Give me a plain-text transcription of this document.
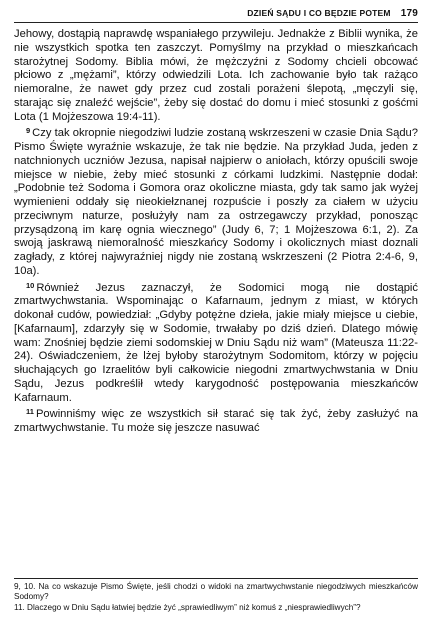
DZIEŃ SĄDU I CO BĘDZIE POTEM 179

Jehowy, dostąpią naprawdę wspaniałego przywileju. Jednakże z Biblii wynika, że nie wszystkich spotka ten zaszczyt. Pomyślmy na przykład o mieszkańcach starożytnej Sodomy. Biblia mówi, że mężczyźni z Sodomy chcieli obcować płciowo z „mężami”, którzy odwiedzili Lota. Ich zachowanie było tak rażąco niemoralne, że nawet gdy przez cud zostali porażeni ślepotą, „męczyli się, starając się znaleźć wejście”, żeby się dostać do domu i mieć stosunki z gośćmi Lota (1 Mojżeszowa 19:4-11).

$^9$ Czy tak okropnie niegodziwi ludzie zostaną wskrzeszeni w czasie Dnia Sądu? Pismo Święte wyraźnie wskazuje, że tak nie będzie. Na przykład Juda, jeden z natchnionych uczniów Jezusa, napisał najpierw o aniołach, którzy opuścili swoje miejsce w niebie, żeby mieć stosunki z córkami ludzkimi. Następnie dodał: „Podobnie też Sodoma i Gomora oraz okoliczne miasta, gdy tak samo jak wyżej wymienieni oddały się nieokiełznanej rozpuście i poszły za ciałem w użyciu przeciwnym naturze, posłużyły nam za ostrzegawczy przykład, ponosząc przysądzoną im karę ognia wiecznego” (Judy 6, 7; 1 Mojżeszowa 6:1, 2). Za swoją jaskrawą niemoralność mieszkańcy Sodomy i okolicznych miast doznali zagłady, z której najwyraźniej nigdy nie zostaną wskrzeszeni (2 Piotra 2:4-6, 9, 10a).

$^{10}$ Również Jezus zaznaczył, że Sodomici mogą nie dostąpić zmartwychwstania. Wspominając o Kafarnaum, jednym z miast, w których dokonał cudów, powiedział: „Gdyby potężne dzieła, jakie miały miejsce u ciebie, [Kafarnaum], zdarzyły się w Sodomie, trwałaby po dziś dzień. Dlatego mówię wam: Znośniej będzie ziemi sodomskiej w Dniu Sądu niż wam” (Mateusza 11:22-24). Oświadczeniem, że lżej byłoby starożytnym Sodomitom, którzy w pojęciu słuchających go Izraelitów byli całkowicie niegodni zmartwychwstania w Dniu Sądu, Jezus podkreślił wtedy karygodność postępowania mieszkańców Kafarnaum.

$^{11}$ Powinniśmy więc ze wszystkich sił starać się tak żyć, żeby zasłużyć na zmartwychwstanie. Tu może się jeszcze nasuwać

9, 10. Na co wskazuje Pismo Święte, jeśli chodzi o widoki na zmartwychwstanie niegodziwych mieszkańców Sodomy?

11. Dlaczego w Dniu Sądu łatwiej będzie żyć „sprawiedliwym” niż komuś z „niesprawiedliwych”?
